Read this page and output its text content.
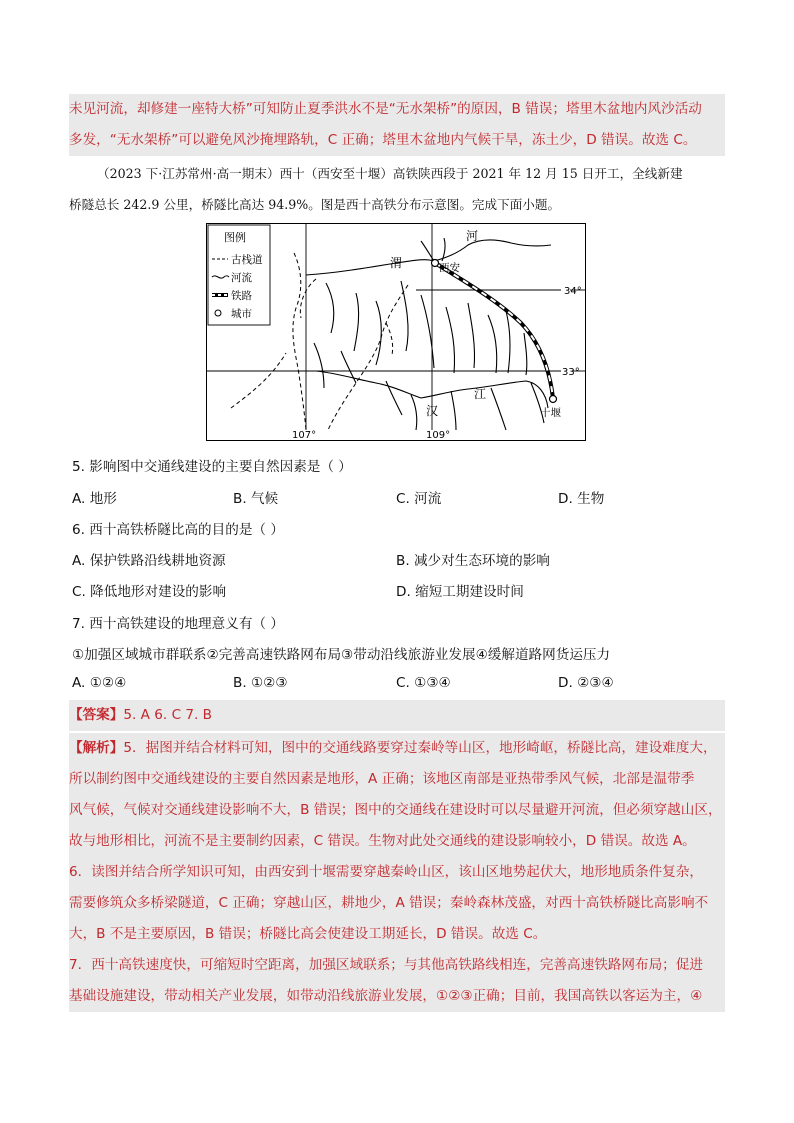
未见河流，却修建一座特大桥”可知防止夏季洪水不是“无水架桥”的原因，B 错误；塔里木盆地内风沙活动
多发，“无水架桥”可以避免风沙掩埋路轨，C 正确；塔里木盆地内气候干旱，冻土少，D 错误。故选 C。
（2023 下·江苏常州·高一期末）西十（西安至十堰）高铁陕西段于 2021 年 12 月 15 日开工，全线新建
桥隧总长 242.9 公里，桥隧比高达 94.9%。图是西十高铁分布示意图。完成下面小题。
图例
古栈道
河流
铁路
城市
渭
河
西安
汉
江
十堰
34°
33°
107°	109°
5. 影响图中交通线建设的主要自然因素是（ ）
A. 地形	B. 气候	C. 河流	D. 生物
6. 西十高铁桥隧比高的目的是（ ）
A. 保护铁路沿线耕地资源	B. 减少对生态环境的影响
C. 降低地形对建设的影响	D. 缩短工期建设时间
7. 西十高铁建设的地理意义有（ ）
①加强区域城市群联系②完善高速铁路网布局③带动沿线旅游业发展④缓解道路网货运压力
A. ①②④	B. ①②③	C. ①③④	D. ②③④
【答案】5. A 6. C 7. B
【解析】5．据图并结合材料可知，图中的交通线路要穿过秦岭等山区，地形崎岖，桥隧比高，建设难度大，
所以制约图中交通线建设的主要自然因素是地形，A 正确；该地区南部是亚热带季风气候，北部是温带季
风气候，气候对交通线建设影响不大，B 错误；图中的交通线在建设时可以尽量避开河流，但必须穿越山区，
故与地形相比，河流不是主要制约因素，C 错误。生物对此处交通线的建设影响较小，D 错误。故选 A。
6．读图并结合所学知识可知，由西安到十堰需要穿越秦岭山区，该山区地势起伏大，地形地质条件复杂，
需要修筑众多桥梁隧道，C 正确；穿越山区，耕地少，A 错误；秦岭森林茂盛，对西十高铁桥隧比高影响不
大，B 不是主要原因，B 错误；桥隧比高会使建设工期延长，D 错误。故选 C。
7．西十高铁速度快，可缩短时空距离，加强区域联系；与其他高铁路线相连，完善高速铁路网布局；促进
基础设施建设，带动相关产业发展，如带动沿线旅游业发展，①②③正确；目前，我国高铁以客运为主，④
